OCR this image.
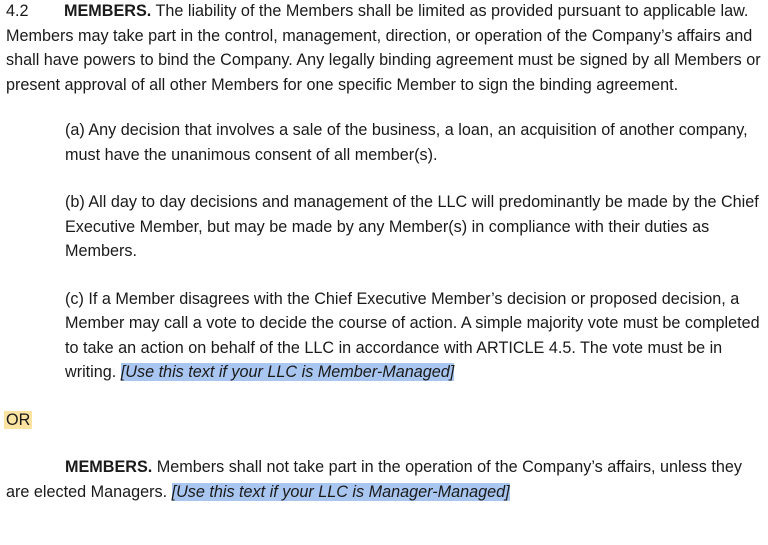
4.2 MEMBERS. The liability of the Members shall be limited as provided pursuant to applicable law. Members may take part in the control, management, direction, or operation of the Company’s affairs and shall have powers to bind the Company. Any legally binding agreement must be signed by all Members or present approval of all other Members for one specific Member to sign the binding agreement.

(a) Any decision that involves a sale of the business, a loan, an acquisition of another company, must have the unanimous consent of all member(s).

(b) All day to day decisions and management of the LLC will predominantly be made by the Chief Executive Member, but may be made by any Member(s) in compliance with their duties as Members.

(c) If a Member disagrees with the Chief Executive Member’s decision or proposed decision, a Member may call a vote to decide the course of action. A simple majority vote must be completed to take an action on behalf of the LLC in accordance with ARTICLE 4.5. The vote must be in writing. [Use this text if your LLC is Member-Managed]

OR

MEMBERS. Members shall not take part in the operation of the Company’s affairs, unless they are elected Managers. [Use this text if your LLC is Manager-Managed]
